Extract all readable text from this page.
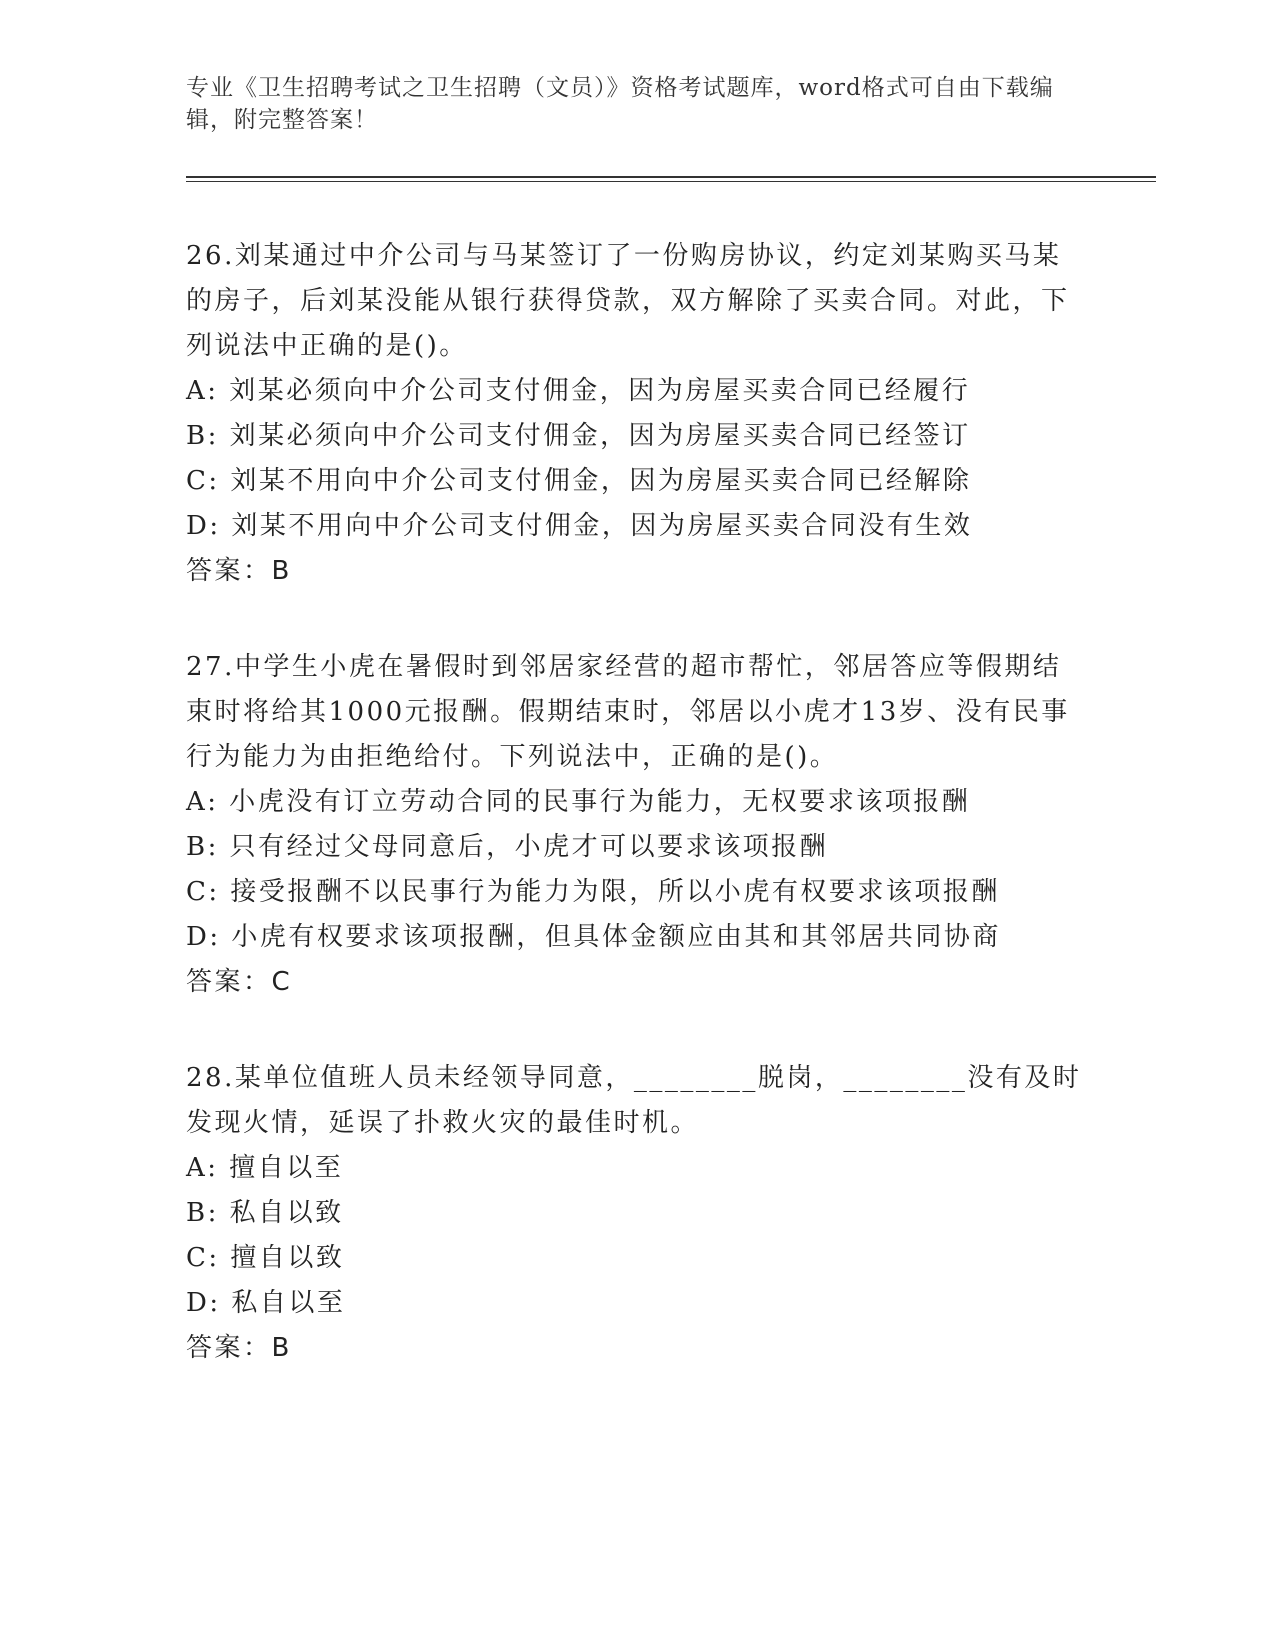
专业《卫生招聘考试之卫生招聘（文员）》资格考试题库，word格式可自由下载编辑，附完整答案！
26.刘某通过中介公司与马某签订了一份购房协议，约定刘某购买马某的房子，后刘某没能从银行获得贷款，双方解除了买卖合同。对此，下列说法中正确的是()。
A: 刘某必须向中介公司支付佣金，因为房屋买卖合同已经履行
B: 刘某必须向中介公司支付佣金，因为房屋买卖合同已经签订
C: 刘某不用向中介公司支付佣金，因为房屋买卖合同已经解除
D: 刘某不用向中介公司支付佣金，因为房屋买卖合同没有生效
答案：B
27.中学生小虎在暑假时到邻居家经营的超市帮忙，邻居答应等假期结束时将给其1000元报酬。假期结束时，邻居以小虎才13岁、没有民事行为能力为由拒绝给付。下列说法中，正确的是()。
A: 小虎没有订立劳动合同的民事行为能力，无权要求该项报酬
B: 只有经过父母同意后，小虎才可以要求该项报酬
C: 接受报酬不以民事行为能力为限，所以小虎有权要求该项报酬
D: 小虎有权要求该项报酬，但具体金额应由其和其邻居共同协商
答案：C
28.某单位值班人员未经领导同意，________脱岗，________没有及时发现火情，延误了扑救火灾的最佳时机。
A: 擅自以至
B: 私自以致
C: 擅自以致
D: 私自以至
答案：B
